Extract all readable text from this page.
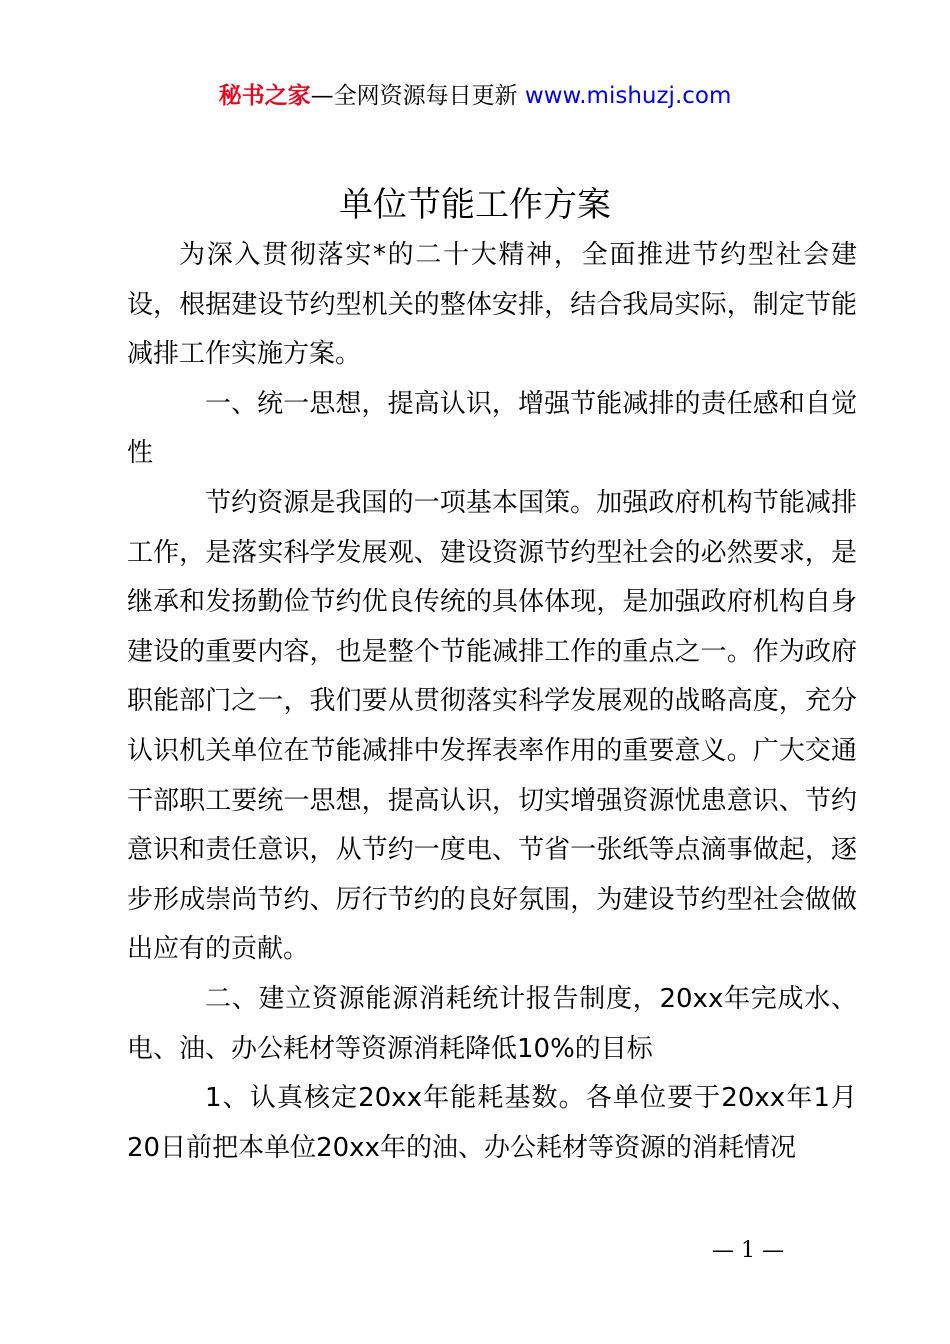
秘书之家—全网资源每日更新 www.mishuzj.com
单位节能工作方案

为深入贯彻落实*的二十大精神，全面推进节约型社会建设，根据建设节约型机关的整体安排，结合我局实际，制定节能减排工作实施方案。

一、统一思想，提高认识，增强节能减排的责任感和自觉性

节约资源是我国的一项基本国策。加强政府机构节能减排工作，是落实科学发展观、建设资源节约型社会的必然要求，是继承和发扬勤俭节约优良传统的具体体现，是加强政府机构自身建设的重要内容，也是整个节能减排工作的重点之一。作为政府职能部门之一，我们要从贯彻落实科学发展观的战略高度，充分认识机关单位在节能减排中发挥表率作用的重要意义。广大交通干部职工要统一思想，提高认识，切实增强资源忧患意识、节约意识和责任意识，从节约一度电、节省一张纸等点滴事做起，逐步形成崇尚节约、厉行节约的良好氛围，为建设节约型社会做做出应有的贡献。

二、建立资源能源消耗统计报告制度，20xx年完成水、电、油、办公耗材等资源消耗降低10%的目标

1、认真核定20xx年能耗基数。各单位要于20xx年1月20日前把本单位20xx年的油、办公耗材等资源的消耗情况

— 1 —
